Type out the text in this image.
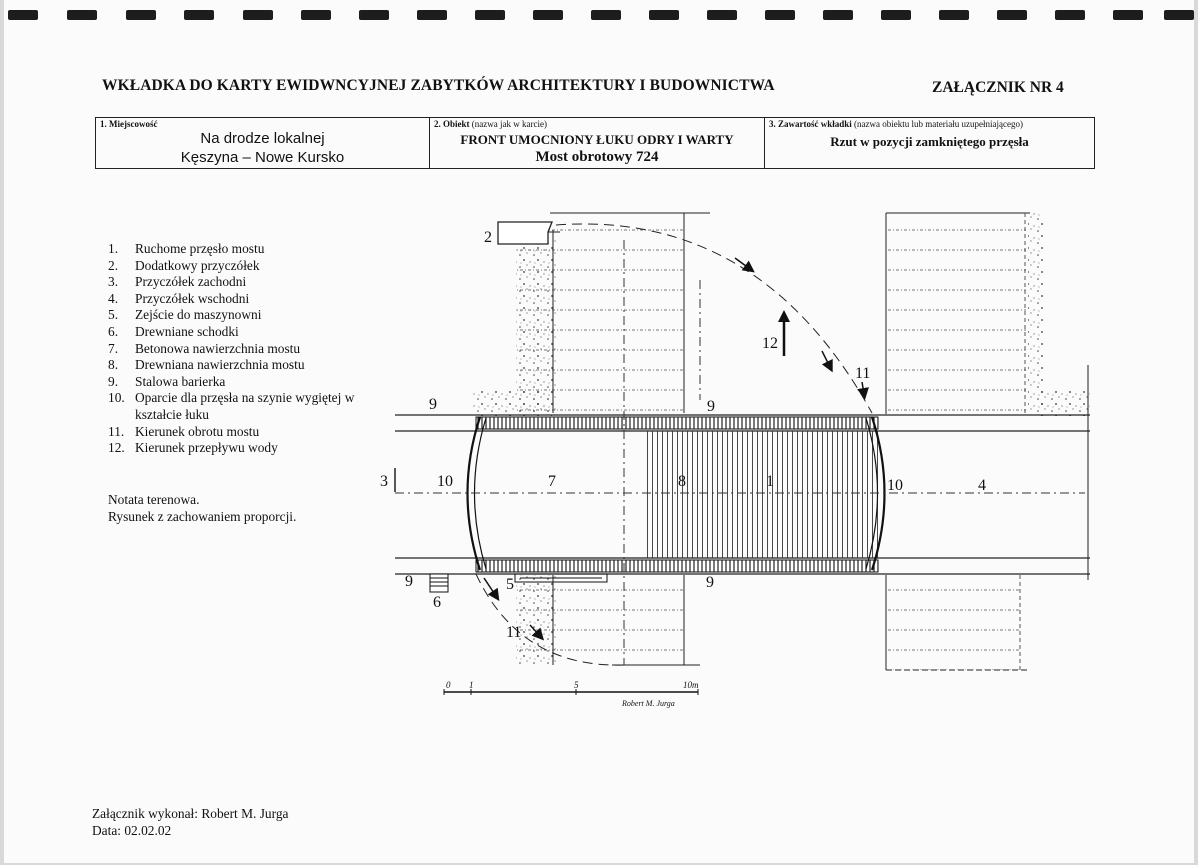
WKŁADKA DO KARTY EWIDWNCYJNEJ ZABYTKÓW ARCHITEKTURY I BUDOWNICTWA	ZAŁĄCZNIK NR 4
1. Miejscowość
Na drodze lokalnej
Kęszyna – Nowe Kursko
2. Obiekt (nazwa jak w karcie)
FRONT UMOCNIONY ŁUKU ODRY I WARTY
Most obrotowy 724
3. Zawartość wkładki (nazwa obiektu lub materiału uzupełniającego)
Rzut w pozycji zamkniętego przęsła
1.	Ruchome przęsło mostu
2.	Dodatkowy przyczółek
3.	Przyczółek zachodni
4.	Przyczółek wschodni
5.	Zejście do maszynowni
6.	Drewniane schodki
7.	Betonowa nawierzchnia mostu
8.	Drewniana nawierzchnia mostu
9.	Stalowa barierka
10. Oparcie dla przęsła na szynie wygiętej w
kształcie łuku
11. Kierunek obrotu mostu
12. Kierunek przepływu wody
Notata terenowa.
Rysunek z zachowaniem proporcji.
Załącznik wykonał: Robert M. Jurga
Data: 02.02.02
2
3	4
5
6
7	8	1
9	9
9	9
10	10
11
11
12
0 1	5	10m
Robert M. Jurga
